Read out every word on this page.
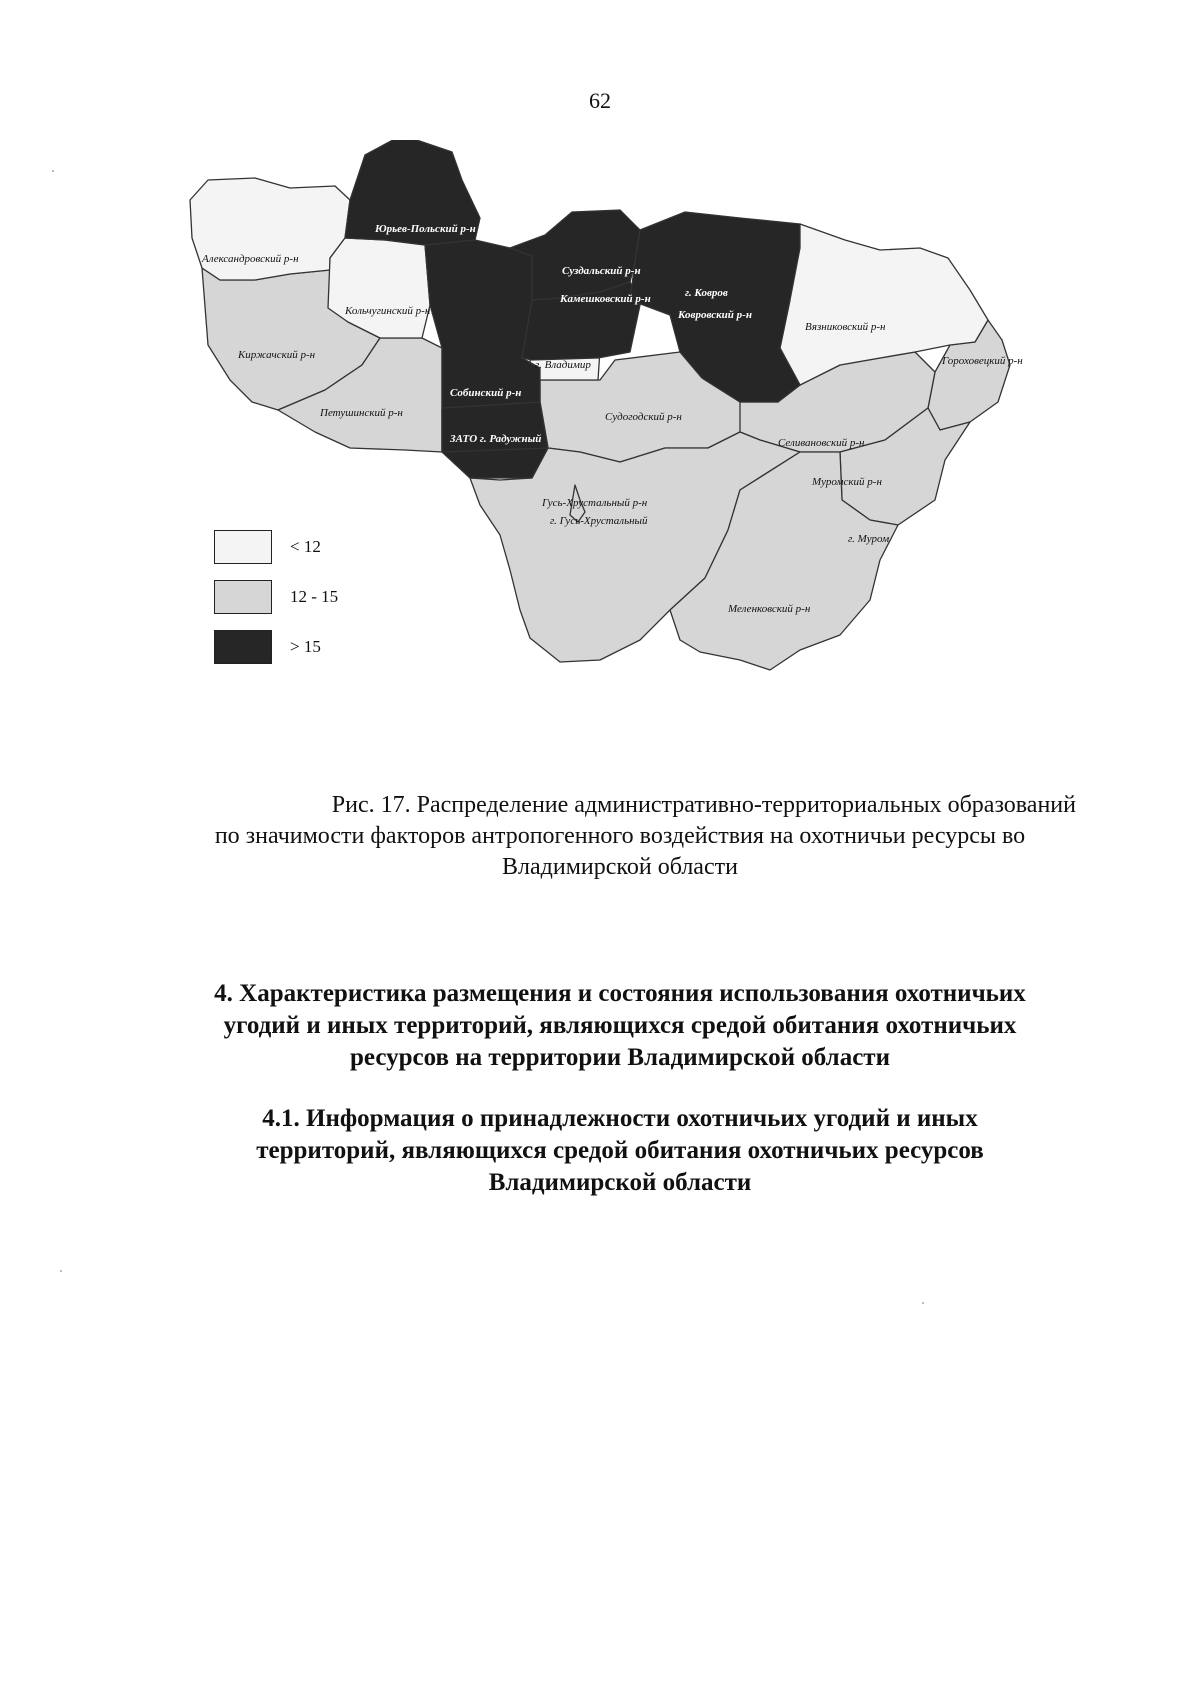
62
Александровский р-н
Юрьев-Польский р-н
Кольчугинский р-н
Киржачский р-н
Петушинский р-н
Собинский р-н
ЗАТО г. Радужный
г. Владимир
Суздальский р-н
Камешковский р-н	г. Ковров
Ковровский р-н
Вязниковский р-н
Гороховецкий р-н
Судогодский р-н
Селивановский р-н
Муромский р-н
г. Муром
г. Гусь-Хрустальный
Гусь-Хрустальный р-н
Меленковский р-н
< 12
12 - 15
> 15
Рис. 17. Распределение административно-территориальных образований
по значимости факторов антропогенного воздействия на охотничьи ресурсы во
Владимирской области
4. Характеристика размещения и состояния использования охотничьих
угодий и иных территорий, являющихся средой обитания охотничьих
ресурсов на территории Владимирской области
4.1. Информация о принадлежности охотничьих угодий и иных
территорий, являющихся средой обитания охотничьих ресурсов
Владимирской области
